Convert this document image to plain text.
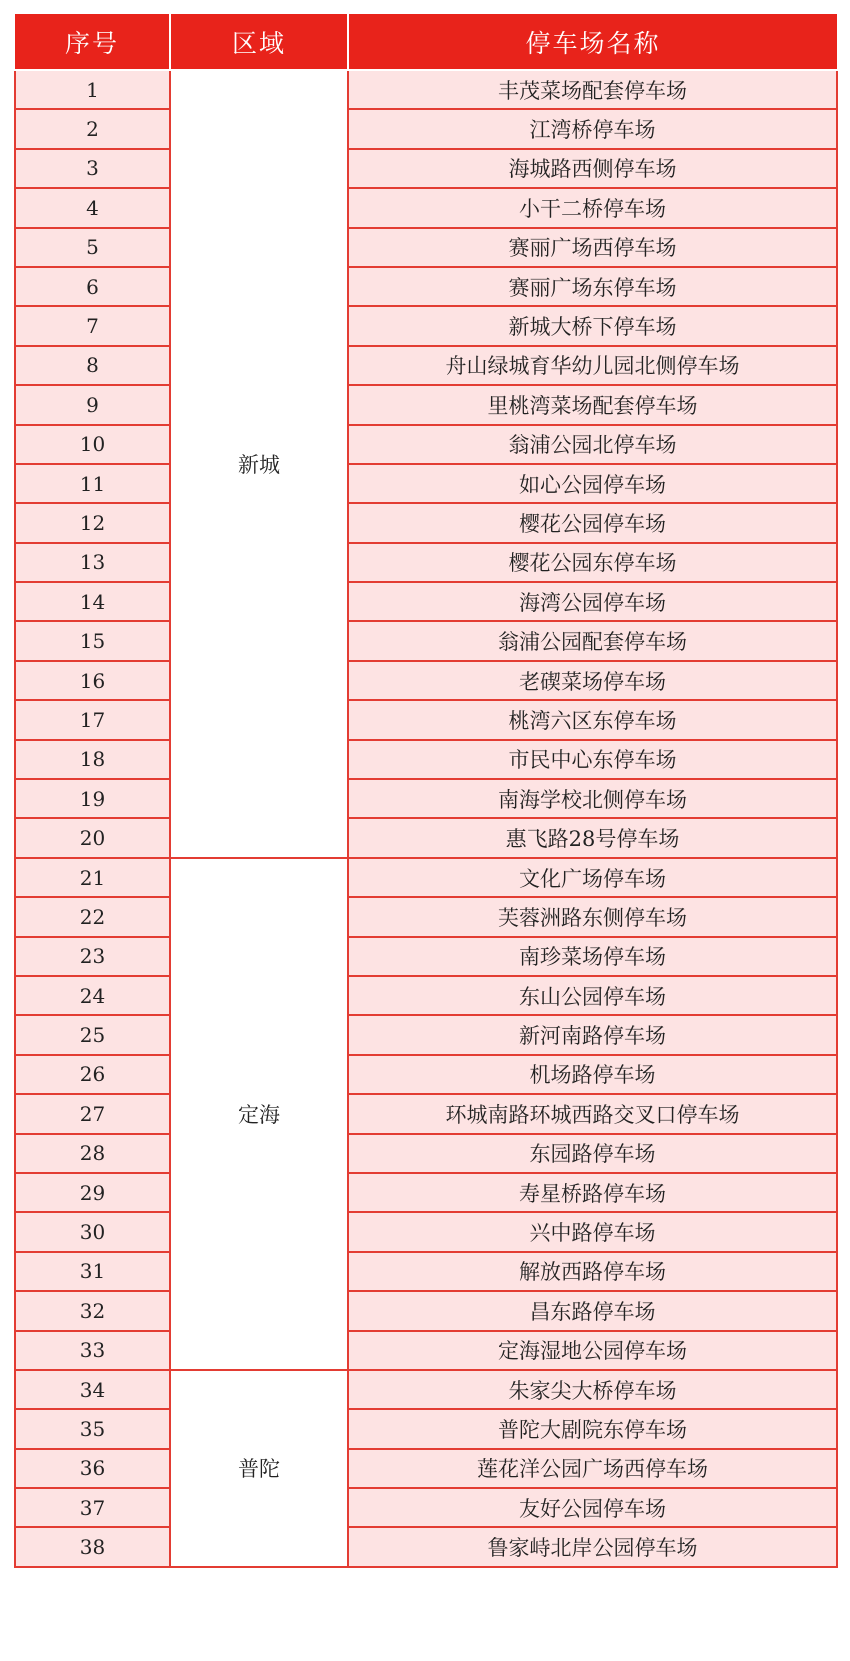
序号	区域	停车场名称
1	新城	丰茂菜场配套停车场
2		江湾桥停车场
3		海城路西侧停车场
4		小干二桥停车场
5		赛丽广场西停车场
6		赛丽广场东停车场
7		新城大桥下停车场
8		舟山绿城育华幼儿园北侧停车场
9		里桃湾菜场配套停车场
10		翁浦公园北停车场
11		如心公园停车场
12		樱花公园停车场
13		樱花公园东停车场
14		海湾公园停车场
15		翁浦公园配套停车场
16		老碶菜场停车场
17		桃湾六区东停车场
18		市民中心东停车场
19		南海学校北侧停车场
20		惠飞路28号停车场
21	定海	文化广场停车场
22		芙蓉洲路东侧停车场
23		南珍菜场停车场
24		东山公园停车场
25		新河南路停车场
26		机场路停车场
27		环城南路环城西路交叉口停车场
28		东园路停车场
29		寿星桥路停车场
30		兴中路停车场
31		解放西路停车场
32		昌东路停车场
33		定海湿地公园停车场
34	普陀	朱家尖大桥停车场
35		普陀大剧院东停车场
36		莲花洋公园广场西停车场
37		友好公园停车场
38		鲁家峙北岸公园停车场
